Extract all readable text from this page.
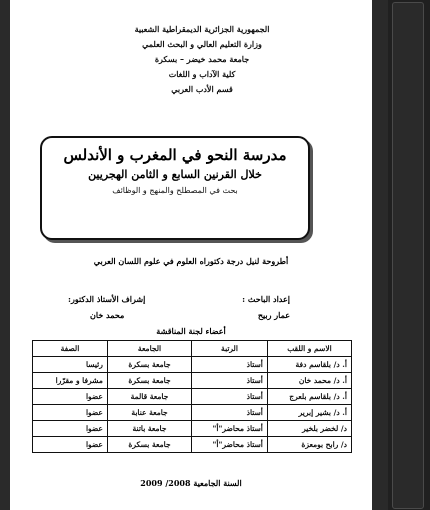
الجمهورية الجزائرية الديمقراطية الشعبية
وزارة التعليم العالي و البحث العلمي
جامعة محمد خيضر – بسكرة
كلية الآداب و اللغات
قسم الأدب العربي
مدرسة النحو في المغرب و الأندلس
خلال القرنين السابع و الثامن الهجريين
بحث في المصطلح والمنهج و الوظائف
أطروحة لنيل درجة دكتوراه العلوم في علوم اللسان العربي
إعداد الباحث :
عمار ربيح
إشراف الأستاذ الدكتور:
محمد خان
أعضاء لجنة المناقشة
الاسم و اللقب	الرتبة	الجامعة	الصفة
أ. د/ بلقاسم دفة	أستاذ	جامعة بسكرة	رئيسا
أ. د/ محمد خان	أستاذ	جامعة بسكرة	مشرفا و مقرّرا
أ. د/ بلقاسم بلعرج	أستاذ	جامعة قالمة	عضوا
أ. د/ بشير إبرير	أستاذ	جامعة عنابة	عضوا
د/ لخضر بلخير	أستاذ محاضر"أ"	جامعة باتنة	عضوا
د/ رابح بومعزة	أستاذ محاضر"أ"	جامعة بسكرة	عضوا
السنة الجامعية 2008/ 2009
